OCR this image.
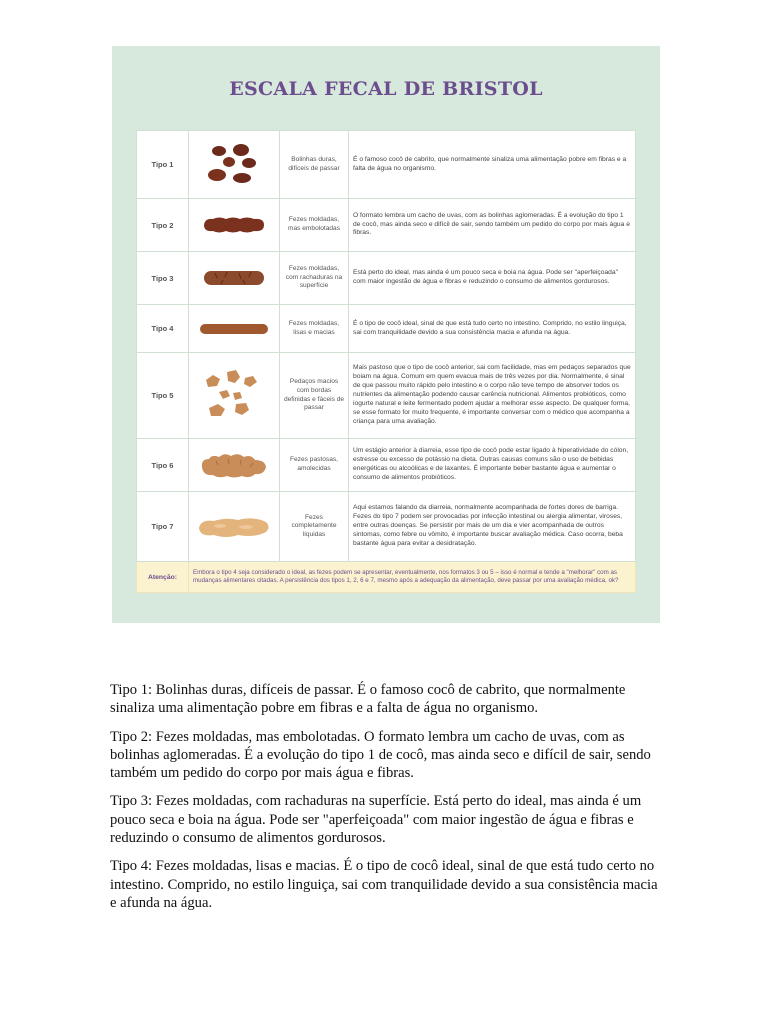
ESCALA FECAL DE BRISTOL
Tipo 1		Bolinhas duras, difíceis de passar	É o famoso cocô de cabrito, que normalmente sinaliza uma alimentação pobre em fibras e a falta de água no organismo.
Tipo 2		Fezes moldadas, mas embolotadas	O formato lembra um cacho de uvas, com as bolinhas aglomeradas. É a evolução do tipo 1 de cocô, mas ainda seco e difícil de sair, sendo também um pedido do corpo por mais água e fibras.
Tipo 3		Fezes moldadas, com rachaduras na superfície	Está perto do ideal, mas ainda é um pouco seca e boia na água. Pode ser "aperfeiçoada" com maior ingestão de água e fibras e reduzindo o consumo de alimentos gordurosos.
Tipo 4		Fezes moldadas, lisas e macias	É o tipo de cocô ideal, sinal de que está tudo certo no intestino. Comprido, no estilo linguiça, sai com tranquilidade devido a sua consistência macia e afunda na água.
Tipo 5		Pedaços macios com bordas definidas e fáceis de passar	Mais pastoso que o tipo de cocô anterior, sai com facilidade, mas em pedaços separados que boiam na água. Comum em quem evacua mais de três vezes por dia. Normalmente, é sinal de que passou muito rápido pelo intestino e o corpo não teve tempo de absorver todos os nutrientes da alimentação podendo causar carência nutricional. Alimentos probióticos, como iogurte natural e leite fermentado podem ajudar a melhorar esse aspecto. De qualquer forma, se esse formato for muito frequente, é importante conversar com o médico que acompanha a criança para uma avaliação.
Tipo 6		Fezes pastosas, amolecidas	Um estágio anterior à diarreia, esse tipo de cocô pode estar ligado à hiperatividade do cólon, estresse ou excesso de potássio na dieta. Outras causas comuns são o uso de bebidas energéticas ou alcoólicas e de laxantes. É importante beber bastante água e aumentar o consumo de alimentos probióticos.
Tipo 7		Fezes completamente líquidas	Aqui estamos falando da diarreia, normalmente acompanhada de fortes dores de barriga. Fezes do tipo 7 podem ser provocadas por infecção intestinal ou alergia alimentar, viroses, entre outras doenças. Se persistir por mais de um dia e vier acompanhada de outros sintomas, como febre ou vômito, é importante buscar avaliação médica. Caso ocorra, beba bastante água para evitar a desidratação.
Atenção:	Embora o tipo 4 seja considerado o ideal, as fezes podem se apresentar, eventualmente, nos formatos 3 ou 5 – isso é normal e tende a "melhorar" com as mudanças alimentares citadas. A persistência dos tipos 1, 2, 6 e 7, mesmo após a adequação da alimentação, deve passar por uma avaliação médica, ok?		

Tipo 1: Bolinhas duras, difíceis de passar. É o famoso cocô de cabrito, que normalmente sinaliza uma alimentação pobre em fibras e a falta de água no organismo.

Tipo 2: Fezes moldadas, mas embolotadas. O formato lembra um cacho de uvas, com as bolinhas aglomeradas. É a evolução do tipo 1 de cocô, mas ainda seco e difícil de sair, sendo também um pedido do corpo por mais água e fibras.

Tipo 3: Fezes moldadas, com rachaduras na superfície. Está perto do ideal, mas ainda é um pouco seca e boia na água. Pode ser "aperfeiçoada" com maior ingestão de água e fibras e reduzindo o consumo de alimentos gordurosos.

Tipo 4: Fezes moldadas, lisas e macias. É o tipo de cocô ideal, sinal de que está tudo certo no intestino. Comprido, no estilo linguiça, sai com tranquilidade devido a sua consistência macia e afunda na água.
